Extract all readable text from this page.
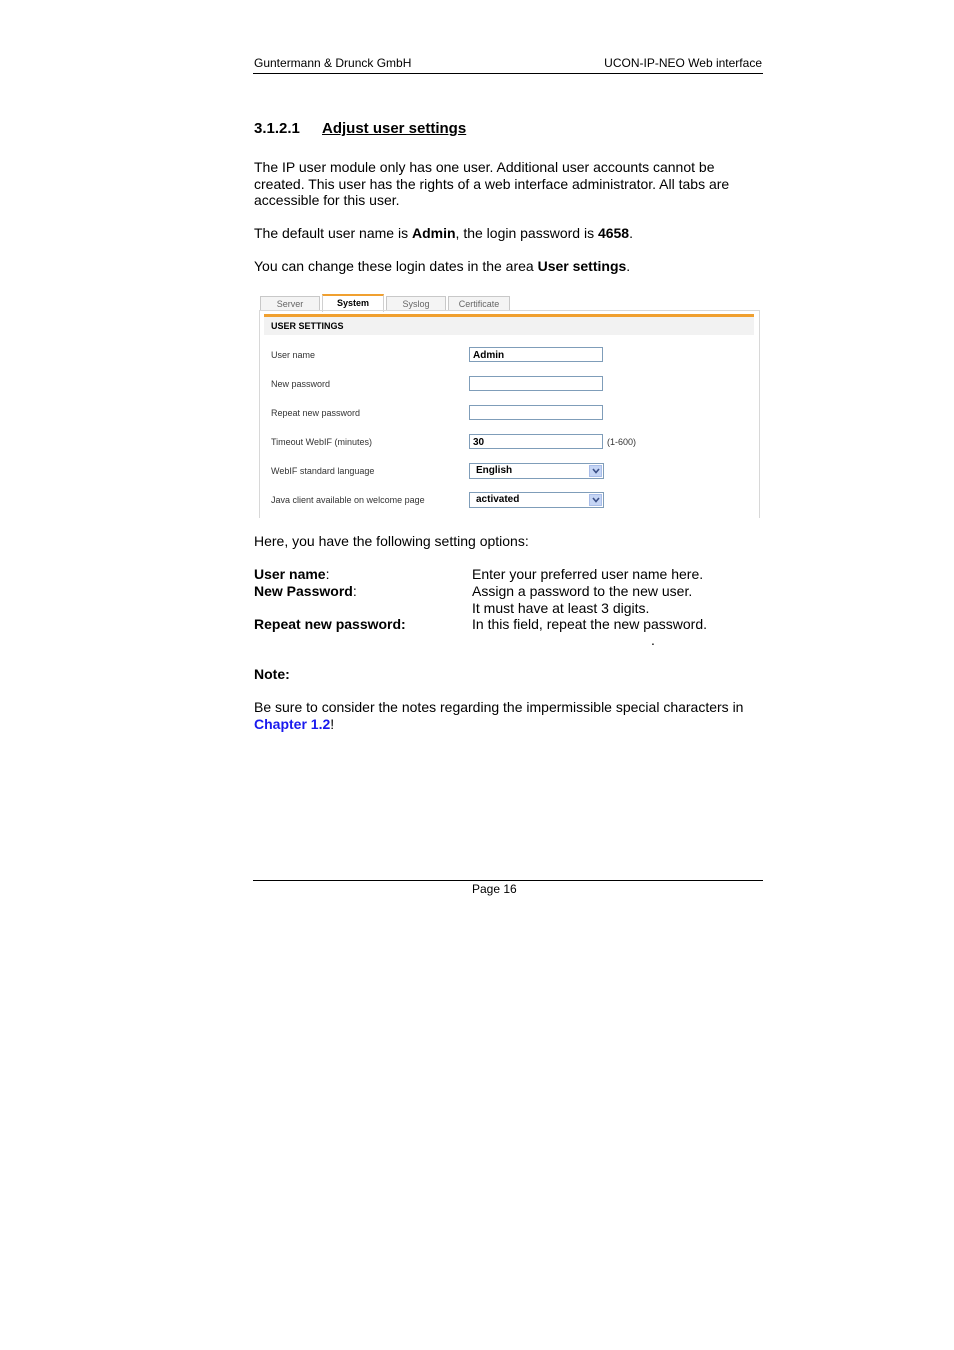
Guntermann & Drunck GmbH	UCON-IP-NEO Web interface
3.1.2.1 Adjust user settings
The IP user module only has one user. Additional user accounts cannot be
created. This user has the rights of a web interface administrator. All tabs are
accessible for this user.
The default user name is Admin, the login password is 4658.
You can change these login dates in the area User settings.
Server	System	Syslog	Certificate
USER SETTINGS
User name	Admin
New password
Repeat new password
Timeout WebIF (minutes)	30	(1-600)
WebIF standard language	English
Java client available on welcome page	activated
Here, you have the following setting options:
User name:	Enter your preferred user name here.
New Password:	Assign a password to the new user.
It must have at least 3 digits.
Repeat new password:	In this field, repeat the new password.
.
Note:
Be sure to consider the notes regarding the impermissible special characters in
Chapter 1.2!
Page 16
